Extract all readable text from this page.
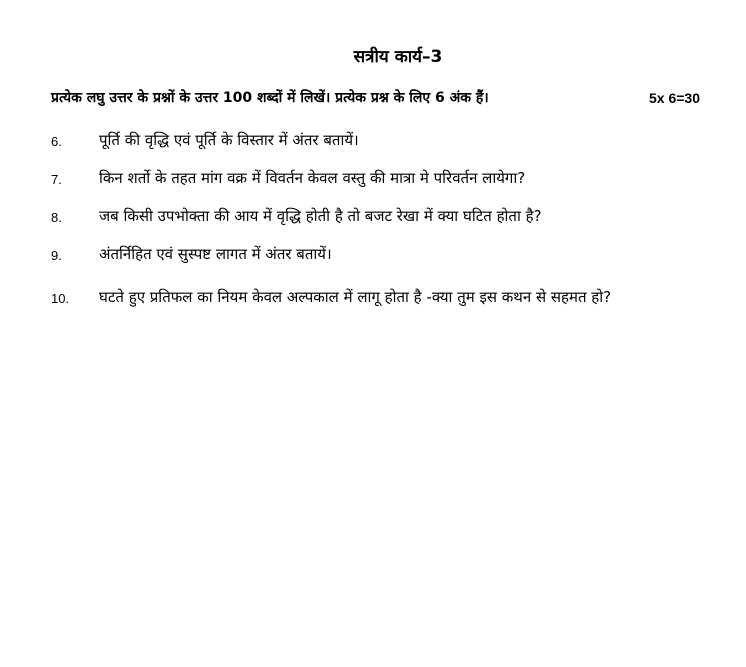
सत्रीय कार्य–3
प्रत्येक लघु उत्तर के प्रश्नों के उत्तर 100 शब्दों में लिखें। प्रत्येक प्रश्न के लिए 6 अंक हैं।	5x 6=30
6. पूर्ति की वृद्धि एवं पूर्ति के विस्तार में अंतर बतायें।
7. किन शर्तो के तहत मांग वक्र में विवर्तन केवल वस्तु की मात्रा मे परिवर्तन लायेगा?
8. जब किसी उपभोक्ता की आय में वृद्धि होती है तो बजट रेखा में क्या घटित होता है?
9. अंतर्निहित एवं सुस्पष्ट लागत में अंतर बतायें।
10. घटते हुए प्रतिफल का नियम केवल अल्पकाल में लागू होता है -क्या तुम इस कथन से सहमत हो?
